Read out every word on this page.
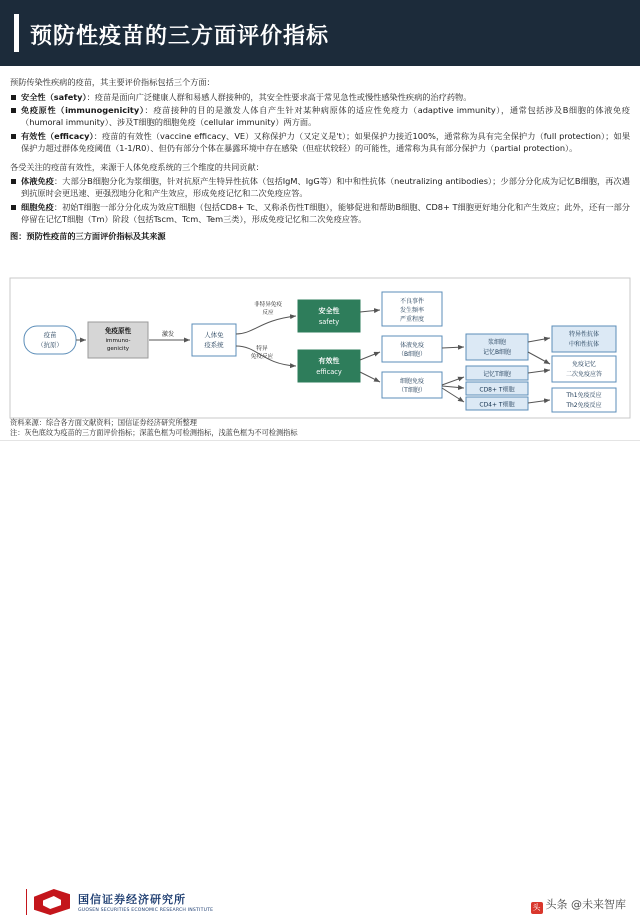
预防性疫苗的三方面评价指标

预防传染性疾病的疫苗，其主要评价指标包括三个方面：

安全性（safety）：疫苗是面向广泛健康人群和易感人群接种的，其安全性要求高于常见急性或慢性感染性疾病的治疗药物。
免疫原性（immunogenicity）：疫苗接种的目的是激发人体自产生针对某种病原体的适应性免疫力（adaptive immunity），通常包括涉及B细胞的体液免疫（humoral immunity）、涉及T细胞的细胞免疫（cellular immunity）两方面。
有效性（efficacy）：疫苗的有效性（vaccine efficacy、VE）又称保护力（又定义是't）；如果保护力接近100%，通常称为具有完全保护力（full protection）；如果保护力超过群体免疫阈值（1-1/R0）、但仍有部分个体在暴露环境中存在感染（但症状较轻）的可能性，通常称为具有部分保护力（partial protection）。

各受关注的疫苗有效性，来源于人体免疫系统的三个维度的共同贡献：

体液免疫：大部分B细胞分化为浆细胞，针对抗原产生特异性抗体（包括IgM、IgG等）和中和性抗体（neutralizing antibodies）；少部分分化成为记忆B细胞，再次遇到抗原时会更迅速、更强烈地分化和产生效应，形成免疫记忆和二次免疫应答。
细胞免疫：初始T细胞一部分分化成为效应T细胞（包括CD8+ Tc、又称杀伤性T细胞），能够促进和帮助B细胞、CD8+ T细胞更好地分化和产生效应；此外，还有一部分停留在记忆T细胞（Tm）阶段（包括Tscm、Tcm、Tem三类），形成免疫记忆和二次免疫应答。
图：预防性疫苗的三方面评价指标及其来源
疫苗
（抗原）
免疫原性
immuno-
genicity
激发	人体免
疫系统
非特异免疫
反应
特异
免疫反应
安全性
safety
有效性
efficacy
不良事件
发生频率
严重程度
体液免疫
（B细胞）
细胞免疫
（T细胞）
浆细胞
记忆B细胞
记忆T细胞
CD8+ T细胞
CD4+ T细胞
特异性抗体
中和性抗体
免疫记忆
二次免疫应答
Th1免疫反应
Th2免疫反应
资料来源：综合各方面文献资料；国信证券经济研究所整理
注：灰色底纹为疫苗的三方面评价指标；深蓝色框为可检测指标，浅蓝色框为不可检测指标
国信证券经济研究所
GUOSEN SECURITIES ECONOMIC RESEARCH INSTITUTE	头 头条 @未来智库
